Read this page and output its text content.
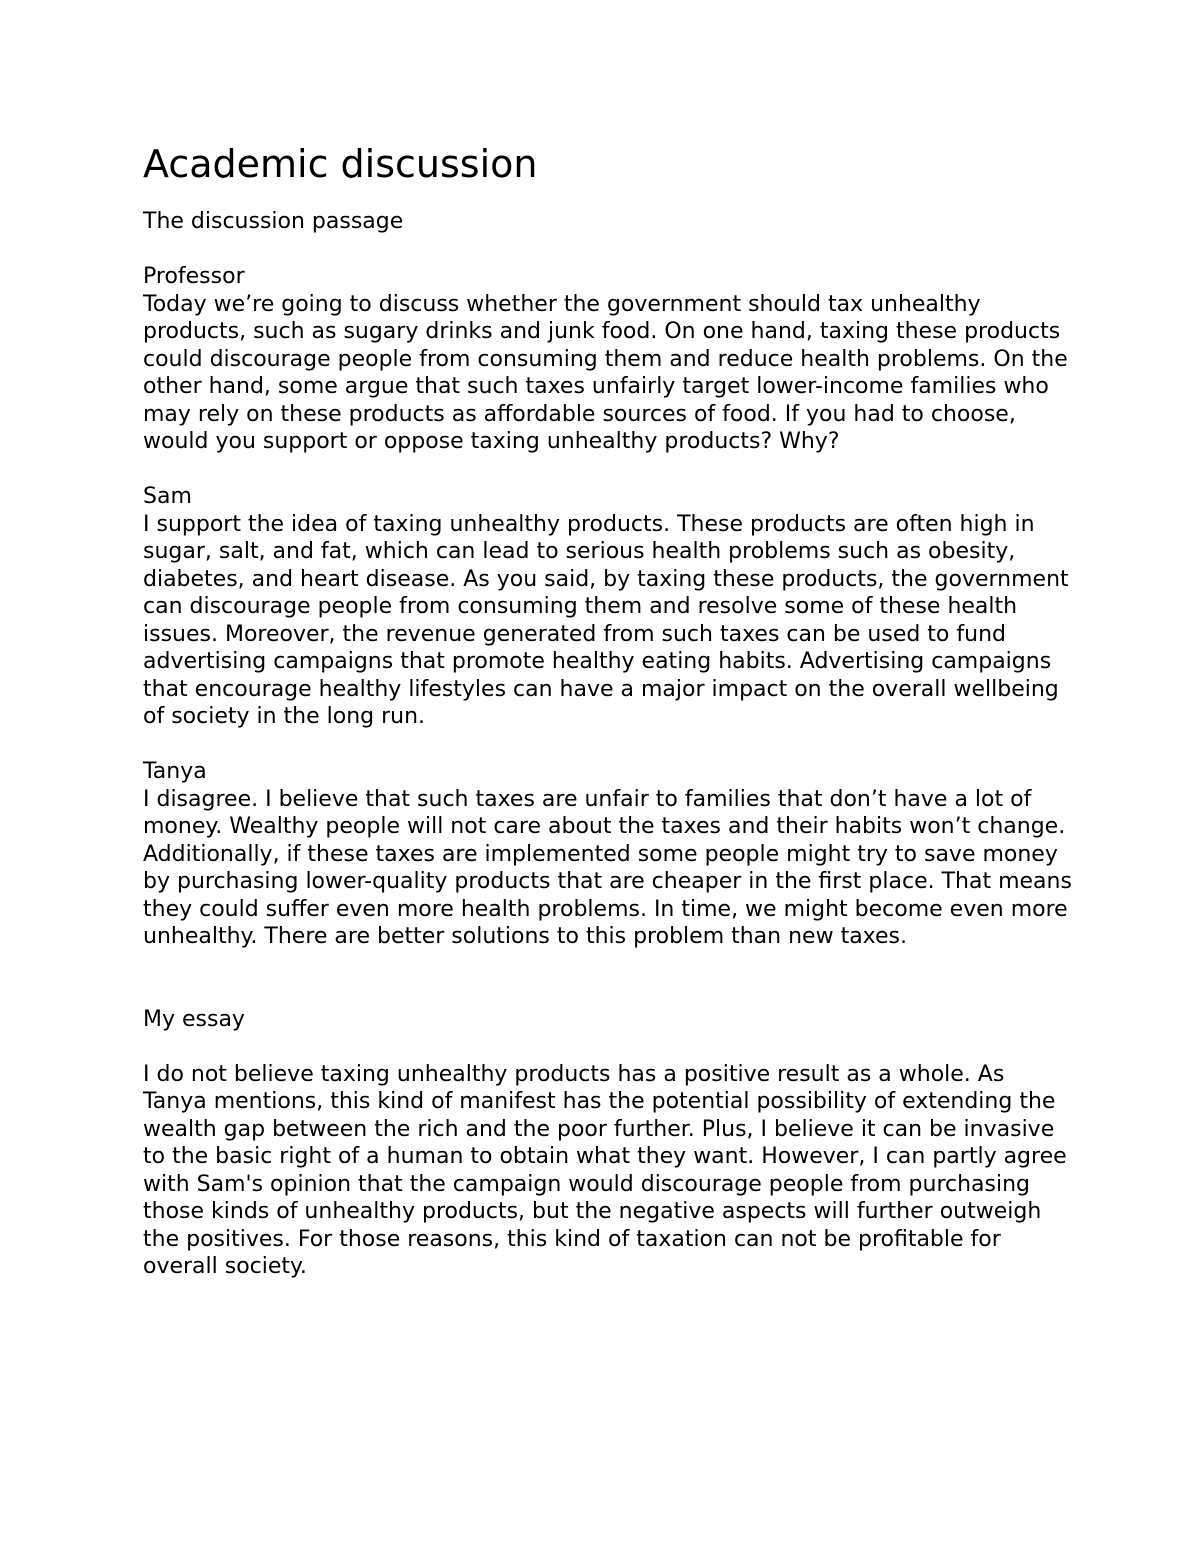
Academic discussion

The discussion passage

Professor

Today we’re going to discuss whether the government should tax unhealthy products, such as sugary drinks and junk food. On one hand, taxing these products could discourage people from consuming them and reduce health problems. On the other hand, some argue that such taxes unfairly target lower-income families who may rely on these products as affordable sources of food. If you had to choose, would you support or oppose taxing unhealthy products? Why?

Sam

I support the idea of taxing unhealthy products. These products are often high in sugar, salt, and fat, which can lead to serious health problems such as obesity, diabetes, and heart disease. As you said, by taxing these products, the government can discourage people from consuming them and resolve some of these health issues. Moreover, the revenue generated from such taxes can be used to fund advertising campaigns that promote healthy eating habits. Advertising campaigns that encourage healthy lifestyles can have a major impact on the overall wellbeing of society in the long run.

Tanya

I disagree. I believe that such taxes are unfair to families that don’t have a lot of money. Wealthy people will not care about the taxes and their habits won’t change. Additionally, if these taxes are implemented some people might try to save money by purchasing lower-quality products that are cheaper in the first place. That means they could suffer even more health problems. In time, we might become even more unhealthy. There are better solutions to this problem than new taxes.

My essay

I do not believe taxing unhealthy products has a positive result as a whole. As Tanya mentions, this kind of manifest has the potential possibility of extending the wealth gap between the rich and the poor further. Plus, I believe it can be invasive to the basic right of a human to obtain what they want. However, I can partly agree with Sam's opinion that the campaign would discourage people from purchasing those kinds of unhealthy products, but the negative aspects will further outweigh the positives. For those reasons, this kind of taxation can not be profitable for overall society.
